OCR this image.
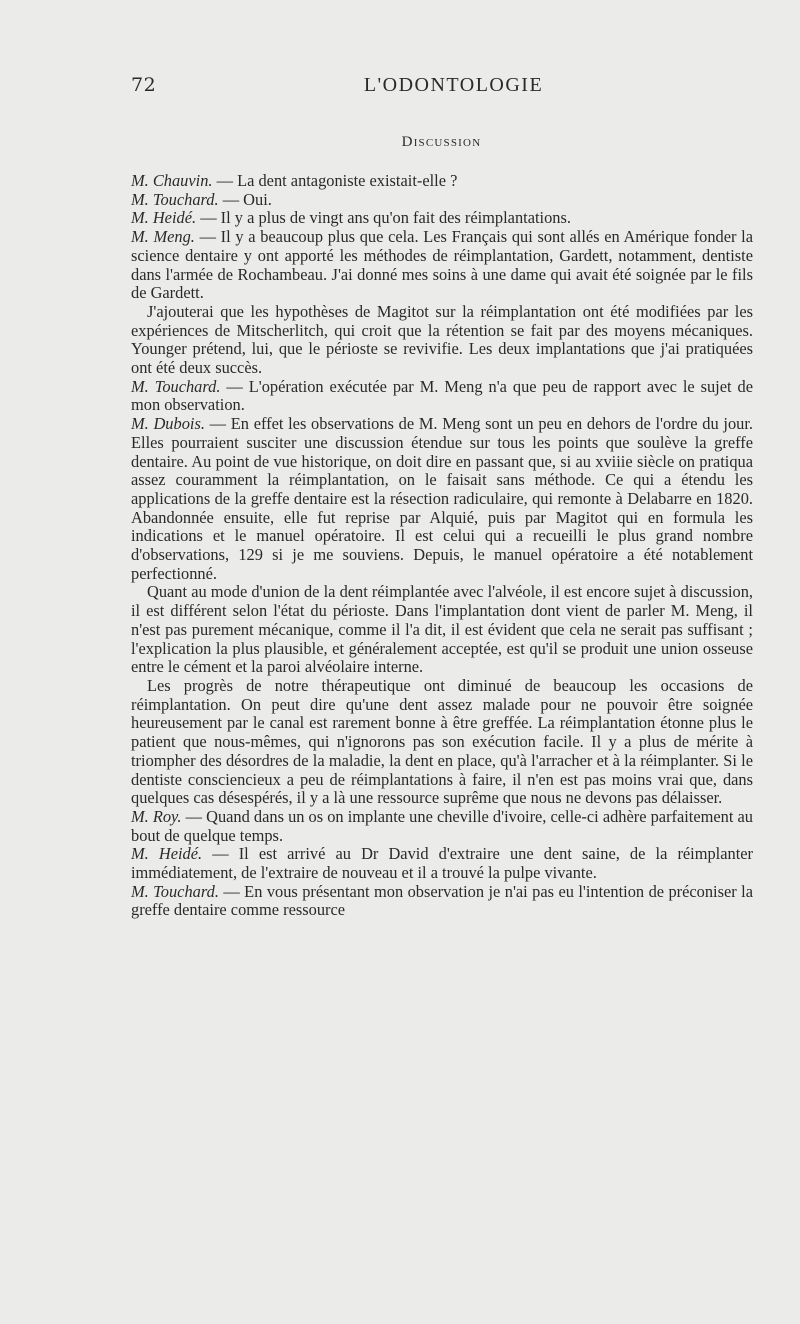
72	L'ODONTOLOGIE
Discussion

M. Chauvin. — La dent antagoniste existait-elle ?

M. Touchard. — Oui.

M. Heidé. — Il y a plus de vingt ans qu'on fait des réimplantations.

M. Meng. — Il y a beaucoup plus que cela. Les Français qui sont allés en Amérique fonder la science dentaire y ont apporté les méthodes de réimplantation, Gardett, notamment, dentiste dans l'armée de Rochambeau. J'ai donné mes soins à une dame qui avait été soignée par le fils de Gardett.

J'ajouterai que les hypothèses de Magitot sur la réimplantation ont été modifiées par les expériences de Mitscherlitch, qui croit que la rétention se fait par des moyens mécaniques. Younger prétend, lui, que le périoste se revivifie. Les deux implantations que j'ai pratiquées ont été deux succès.

M. Touchard. — L'opération exécutée par M. Meng n'a que peu de rapport avec le sujet de mon observation.

M. Dubois. — En effet les observations de M. Meng sont un peu en dehors de l'ordre du jour. Elles pourraient susciter une discussion étendue sur tous les points que soulève la greffe dentaire. Au point de vue historique, on doit dire en passant que, si au xviiie siècle on pratiqua assez couramment la réimplantation, on le faisait sans méthode. Ce qui a étendu les applications de la greffe dentaire est la résection radiculaire, qui remonte à Delabarre en 1820. Abandonnée ensuite, elle fut reprise par Alquié, puis par Magitot qui en formula les indications et le manuel opératoire. Il est celui qui a recueilli le plus grand nombre d'observations, 129 si je me souviens. Depuis, le manuel opératoire a été notablement perfectionné.

Quant au mode d'union de la dent réimplantée avec l'alvéole, il est encore sujet à discussion, il est différent selon l'état du périoste. Dans l'implantation dont vient de parler M. Meng, il n'est pas purement mécanique, comme il l'a dit, il est évident que cela ne serait pas suffisant ; l'explication la plus plausible, et généralement acceptée, est qu'il se produit une union osseuse entre le cément et la paroi alvéolaire interne.

Les progrès de notre thérapeutique ont diminué de beaucoup les occasions de réimplantation. On peut dire qu'une dent assez malade pour ne pouvoir être soignée heureusement par le canal est rarement bonne à être greffée. La réimplantation étonne plus le patient que nous-mêmes, qui n'ignorons pas son exécution facile. Il y a plus de mérite à triompher des désordres de la maladie, la dent en place, qu'à l'arracher et à la réimplanter. Si le dentiste consciencieux a peu de réimplantations à faire, il n'en est pas moins vrai que, dans quelques cas désespérés, il y a là une ressource suprême que nous ne devons pas délaisser.

M. Roy. — Quand dans un os on implante une cheville d'ivoire, celle-ci adhère parfaitement au bout de quelque temps.

M. Heidé. — Il est arrivé au Dr David d'extraire une dent saine, de la réimplanter immédiatement, de l'extraire de nouveau et il a trouvé la pulpe vivante.

M. Touchard. — En vous présentant mon observation je n'ai pas eu l'intention de préconiser la greffe dentaire comme ressource
